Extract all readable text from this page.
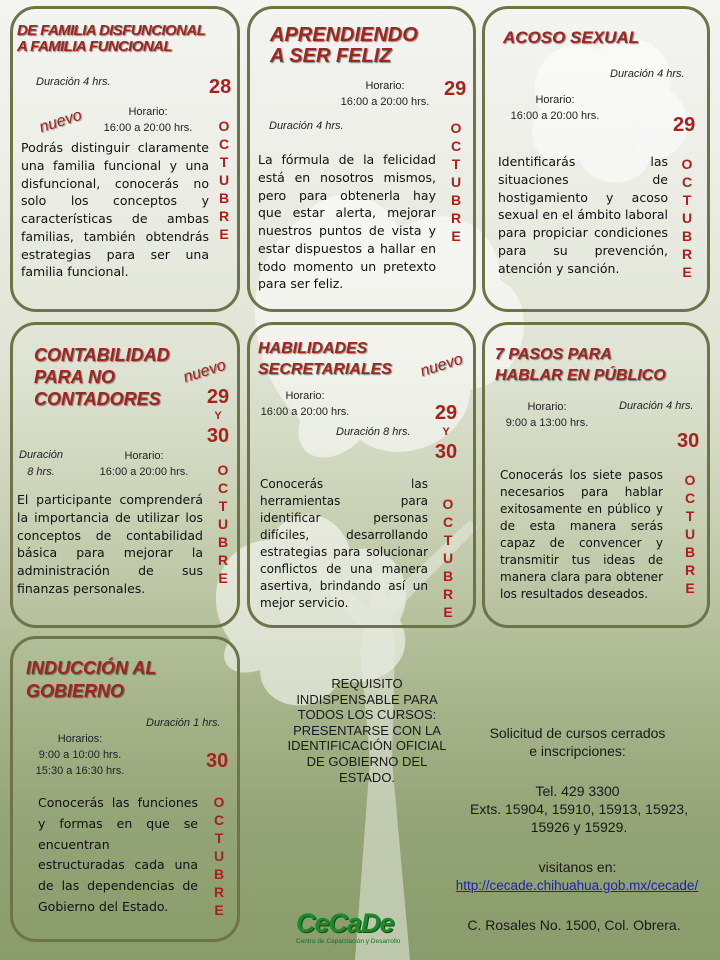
DE FAMILIA DISFUNCIONAL
A FAMILIA FUNCIONAL

Duración 4 hrs.	28
nuevo	Horario:
16:00 a 20:00 hrs.	OCTUBRE

Podrás distinguir claramente una familia funcional y una disfuncional, conocerás no solo los conceptos y características de ambas familias, también obtendrás estrategias para ser una familia funcional.

APRENDIENDO
A SER FELIZ

Horario:
16:00 a 20:00 hrs.
29
Duración 4 hrs.	OCTUBRE

La fórmula de la felicidad está en nosotros mismos, pero para obtenerla hay que estar alerta, mejorar nuestros puntos de vista y estar dispuestos a hallar en todo momento un pretexto para ser feliz.

ACOSO SEXUAL

Duración 4 hrs.
Horario:
16:00 a 20:00 hrs.	29
OCTUBRE

Identificarás las situaciones de hostigamiento y acoso sexual en el ámbito laboral para propiciar condiciones para su prevención, atención y sanción.

CONTABILIDAD
PARA NO
CONTADORES

nuevo
29
Y
30
Duración
8 hrs.
Horario:
16:00 a 20:00 hrs.	OCTUBRE

El participante comprenderá la importancia de utilizar los conceptos de contabilidad básica para mejorar la administración de sus finanzas personales.

HABILIDADES
SECRETARIALES nuevo
Horario:
16:00 a 20:00 hrs.	29
Y
30
Duración 8 hrs.
OCTUBRE

Conocerás las herramientas para identificar personas difíciles, desarrollando estrategias para solucionar conflictos de una manera asertiva, brindando así un mejor servicio.

7 PASOS PARA
HABLAR EN PÚBLICO

Horario:
9:00 a 13:00 hrs.
Duración 4 hrs.
30
OCTUBRE

Conocerás los siete pasos necesarios para hablar exitosamente en público y de esta manera serás capaz de convencer y transmitir tus ideas de manera clara para obtener los resultados deseados.

INDUCCIÓN AL
GOBIERNO

Duración 1 hrs.
Horarios:
9:00 a 10:00 hrs.
15:30 a 16:30 hrs.	30
OCTUBRE

Conocerás las funciones y formas en que se encuentran estructuradas cada una de las dependencias de Gobierno del Estado.

REQUISITO
INDISPENSABLE PARA
TODOS LOS CURSOS:
PRESENTARSE CON LA
IDENTIFICACIÓN OFICIAL
DE GOBIERNO DEL
ESTADO.
Solicitud de cursos cerrados
e inscripciones:
Tel. 429 3300
Exts. 15904, 15910, 15913, 15923,
15926 y 15929.
visitanos en:
http://cecade.chihuahua.gob.mx/cecade/
C. Rosales No. 1500, Col. Obrera.
CeCaDe
Centro de Capacitación y Desarrollo
